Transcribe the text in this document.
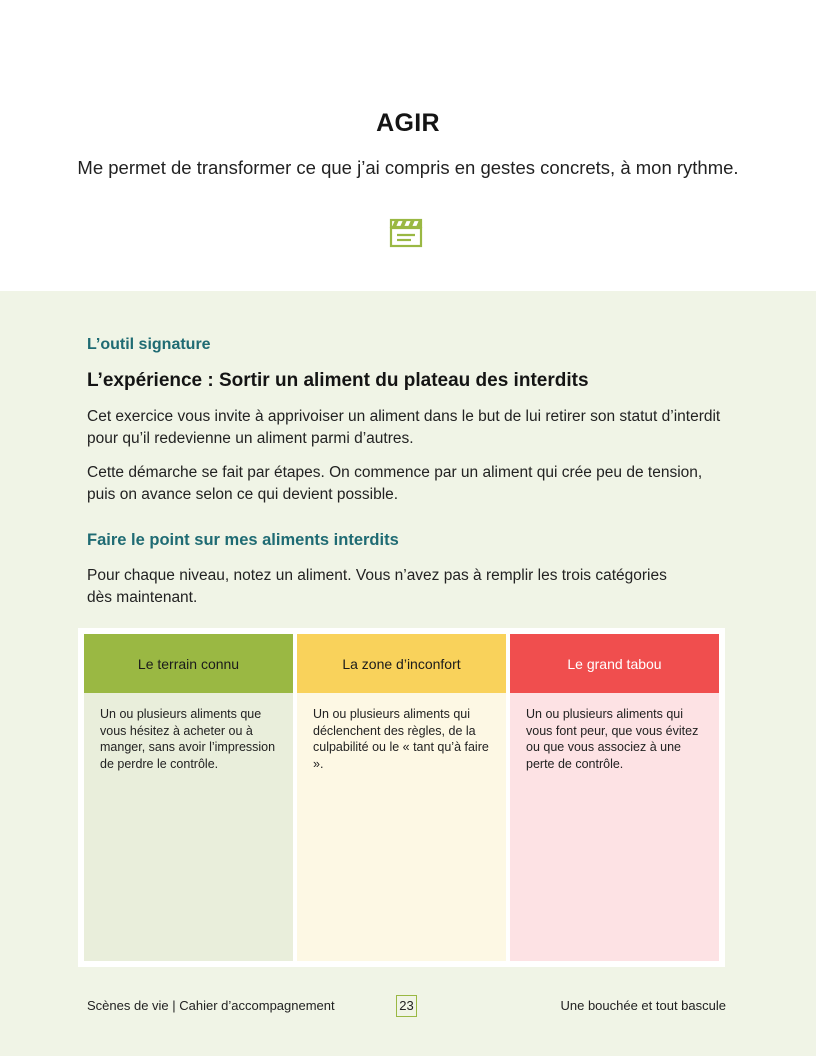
AGIR
Me permet de transformer ce que j’ai compris en gestes concrets, à mon rythme.
L’outil signature
L’expérience : Sortir un aliment du plateau des interdits

Cet exercice vous invite à apprivoiser un aliment dans le but de lui retirer son statut d’interdit pour qu’il redevienne un aliment parmi d’autres.

Cette démarche se fait par étapes. On commence par un aliment qui crée peu de tension, puis on avance selon ce qui devient possible.

Faire le point sur mes aliments interdits

Pour chaque niveau, notez un aliment. Vous n’avez pas à remplir les trois catégories dès maintenant.

Le terrain connu
Un ou plusieurs aliments que vous hésitez à acheter ou à manger, sans avoir l’impression de perdre le contrôle.
La zone d’inconfort
Un ou plusieurs aliments qui déclenchent des règles, de la culpabilité ou le « tant qu’à faire ».
Le grand tabou
Un ou plusieurs aliments qui vous font peur, que vous évitez ou que vous associez à une perte de contrôle.
Scènes de vie | Cahier d’accompagnement	23	Une bouchée et tout bascule
